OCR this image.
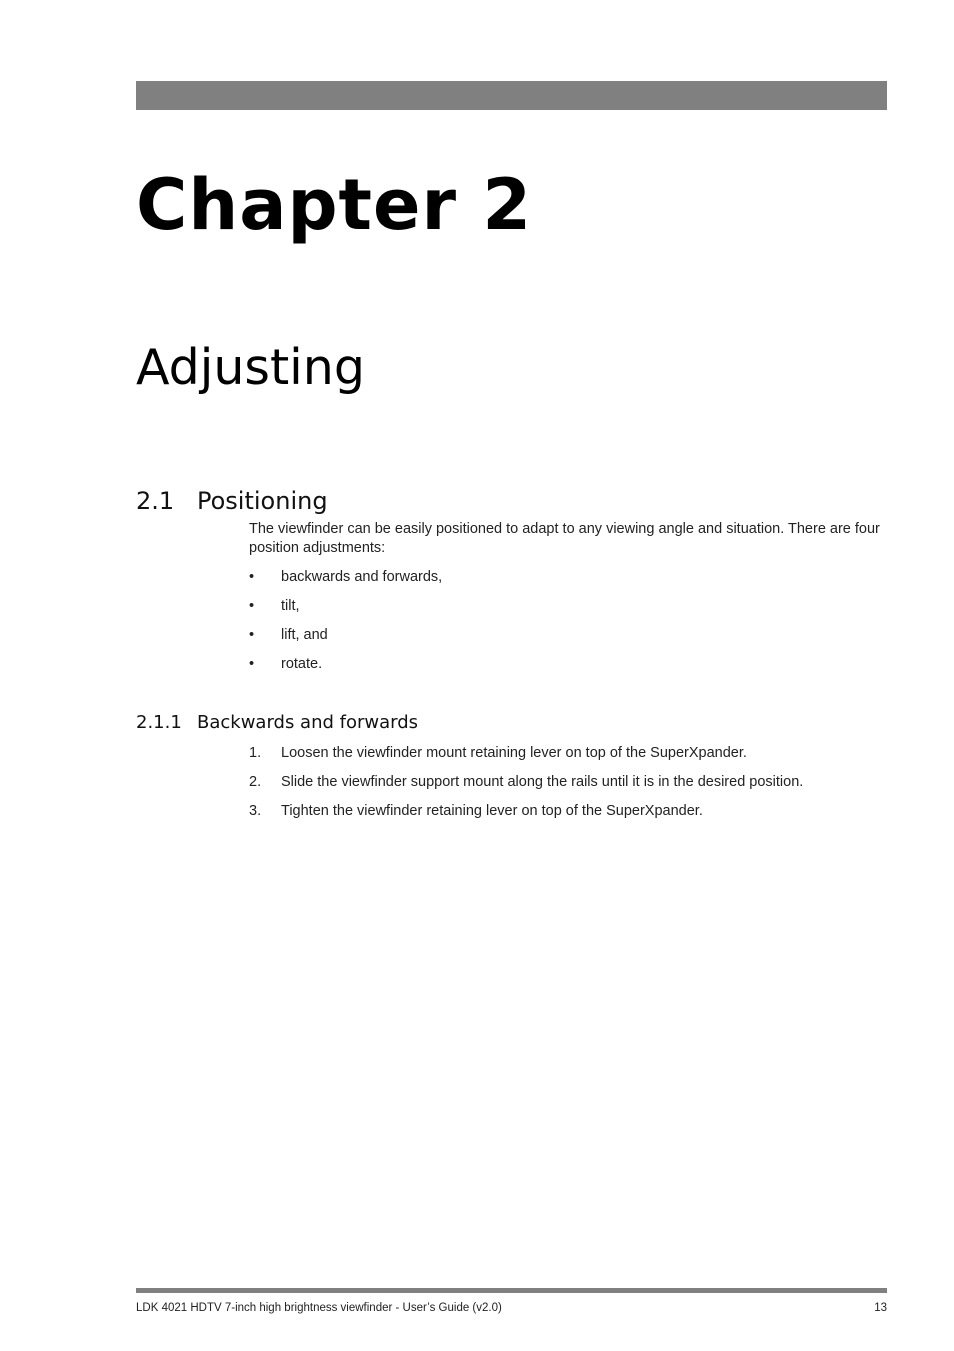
Chapter 2
Adjusting
2.1 Positioning

The viewfinder can be easily positioned to adapt to any viewing angle and situation. There are four position adjustments:

•	backwards and forwards,
•	tilt,
•	lift, and
•	rotate.
2.1.1 Backwards and forwards
1.	Loosen the viewfinder mount retaining lever on top of the SuperXpander.
2.	Slide the viewfinder support mount along the rails until it is in the desired position.
3.	Tighten the viewfinder retaining lever on top of the SuperXpander.
LDK 4021 HDTV 7-inch high brightness viewfinder - User’s Guide (v2.0)	13
